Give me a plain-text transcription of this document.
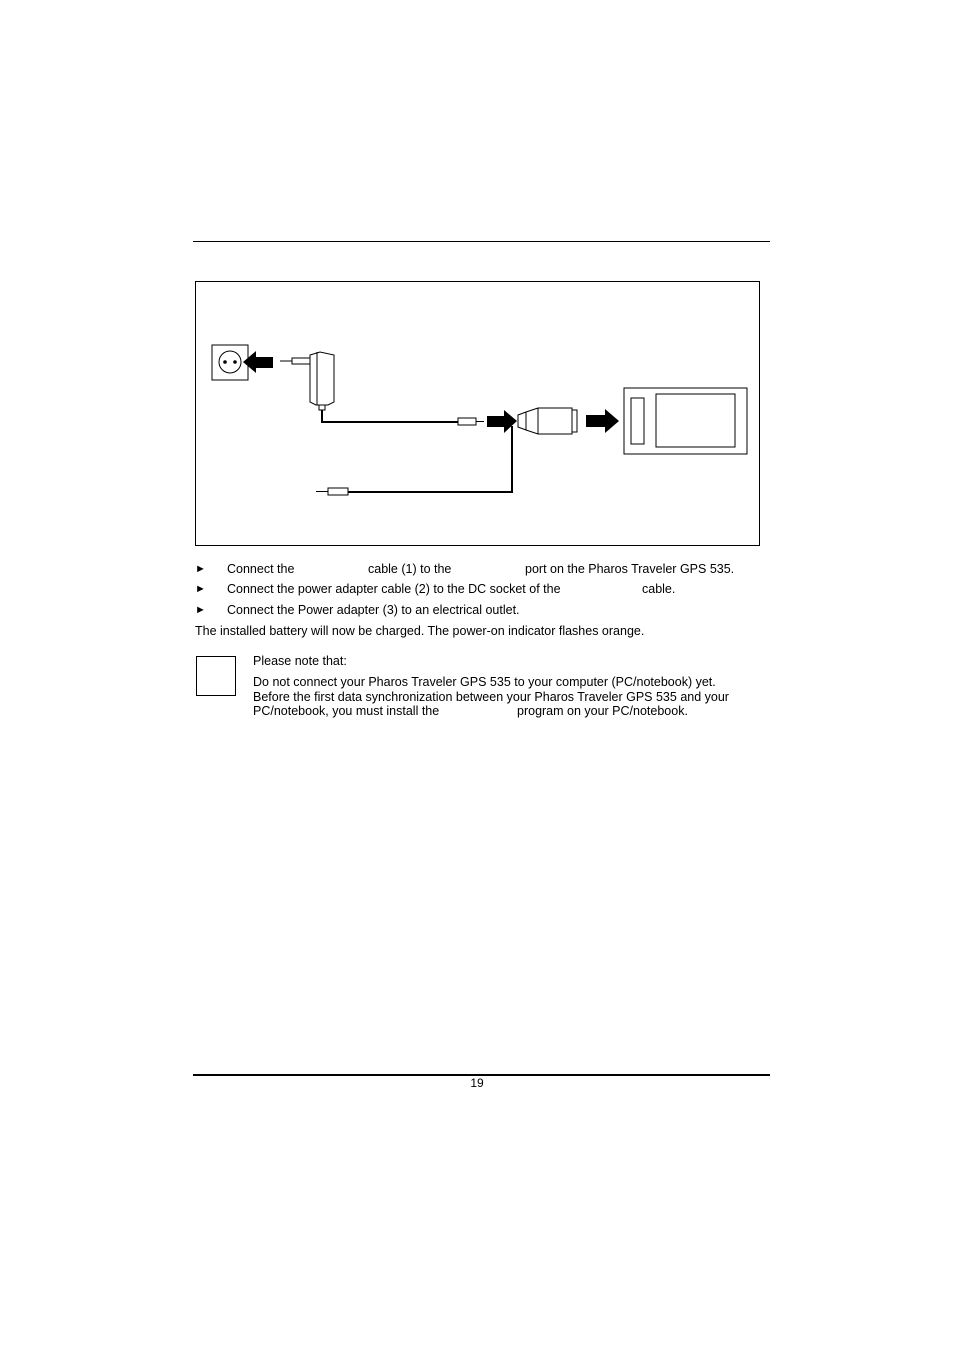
► Connect the	cable (1) to the	port on the Pharos Traveler GPS 535.
► Connect the power adapter cable (2) to the DC socket of the	cable.
► Connect the Power adapter (3) to an electrical outlet.
The installed battery will now be charged. The power-on indicator flashes orange.
Please note that:
Do not connect your Pharos Traveler GPS 535 to your computer (PC/notebook) yet.
Before the first data synchronization between your Pharos Traveler GPS 535 and your
PC/notebook, you must install the	program on your PC/notebook.
19
